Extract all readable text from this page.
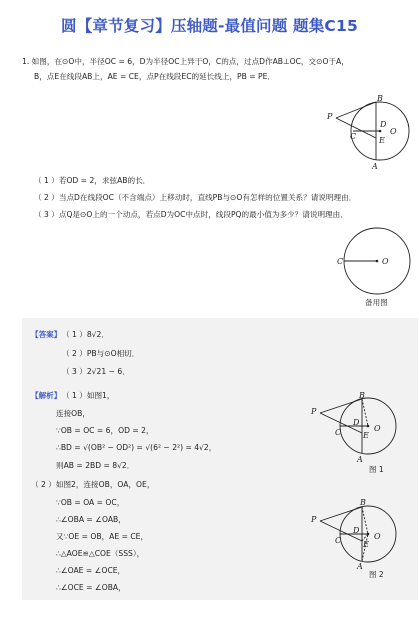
圆【章节复习】压轴题-最值问题 题集C15
1. 如图，在⊙O中，半径OC = 6，D为半径OC上异于O，C的点，过点D作AB⊥OC，交⊙O于A，
B，点E在线段AB上，AE = CE，点P在线段EC的延长线上，PB = PE．
B
P
D
O
C	E
A
（ 1 ）若OD = 2，求弦AB的长．
（ 2 ）当点D在线段OC（不含端点）上移动时，直线PB与⊙O有怎样的位置关系？请说明理由．
（ 3 ）点Q是⊙O上的一个动点，若点D为OC中点时，线段PQ的最小值为多少？请说明理由．
C	O
备用图
【答案】 （ 1 ）8√2．
（ 2 ）PB与⊙O相切．
（ 3 ）2√21 − 6．
【解析】 （ 1 ）如图1，
连接OB，
∵OB = OC = 6，OD = 2，
∴BD = √(OB² − OD²) = √(6² − 2²) = 4√2，
则AB = 2BD = 8√2．
（ 2 ）如图2，连接OB，OA，OE，
∵OB = OA = OC，
∴∠OBA = ∠OAB，
又∵OE = OB，AE = CE，
∴△AOE≌△COE（SSS），
∴∠OAE = ∠OCE，
∴∠OCE = ∠OBA，
B
P
D
O
C	E
A
图 1
B
P
D
O
C	E
A
图 2
